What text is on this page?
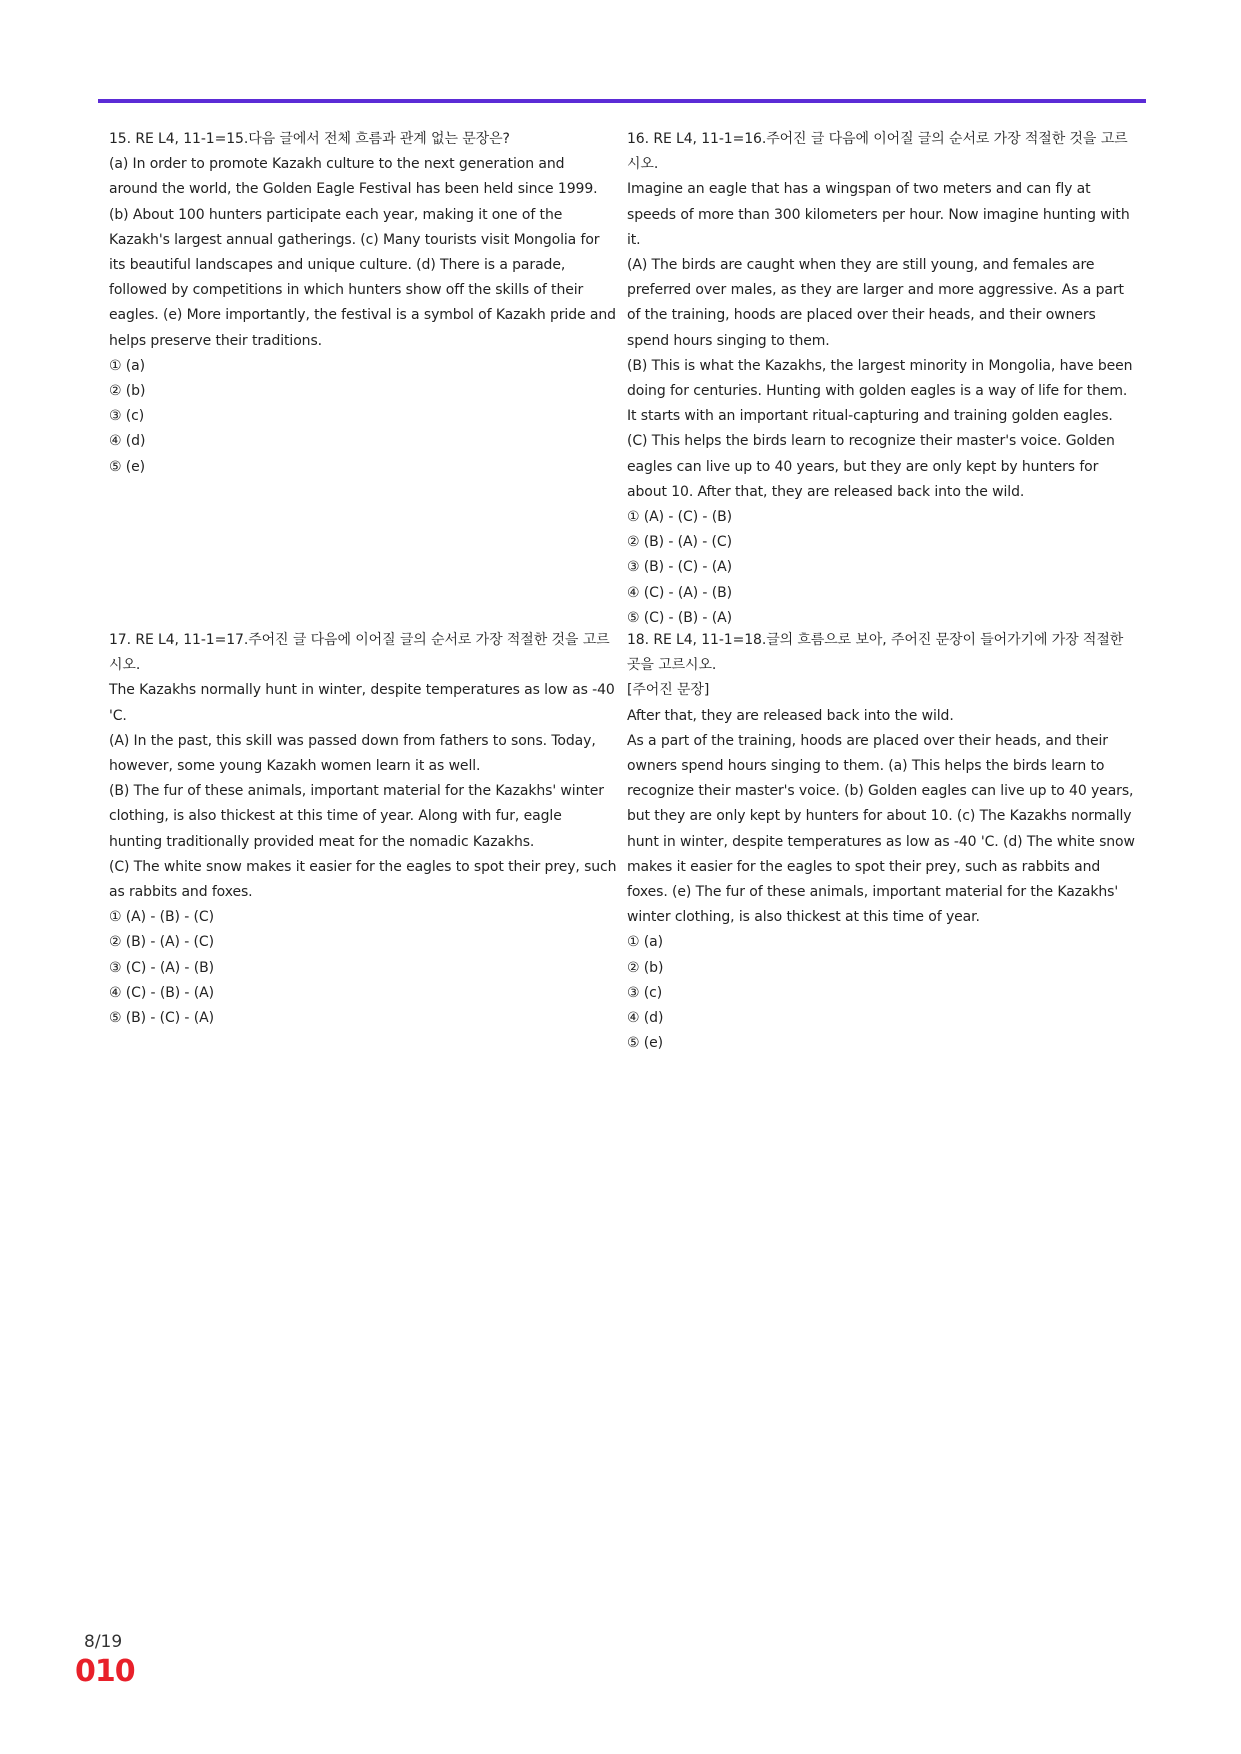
15. RE L4, 11-1=15.다음 글에서 전체 흐름과 관계 없는 문장은?

(a) In order to promote Kazakh culture to the next generation and around the world, the Golden Eagle Festival has been held since 1999. (b) About 100 hunters participate each year, making it one of the Kazakh's largest annual gatherings. (c) Many tourists visit Mongolia for its beautiful landscapes and unique culture. (d) There is a parade, followed by competitions in which hunters show off the skills of their eagles. (e) More importantly, the festival is a symbol of Kazakh pride and helps preserve their traditions.

① (a)
② (b)
③ (c)
④ (d)
⑤ (e)

16. RE L4, 11-1=16.주어진 글 다음에 이어질 글의 순서로 가장 적절한 것을 고르시오.

Imagine an eagle that has a wingspan of two meters and can fly at speeds of more than 300 kilometers per hour. Now imagine hunting with it.

(A) The birds are caught when they are still young, and females are preferred over males, as they are larger and more aggressive. As a part of the training, hoods are placed over their heads, and their owners spend hours singing to them.

(B) This is what the Kazakhs, the largest minority in Mongolia, have been doing for centuries. Hunting with golden eagles is a way of life for them. It starts with an important ritual-capturing and training golden eagles.

(C) This helps the birds learn to recognize their master's voice. Golden eagles can live up to 40 years, but they are only kept by hunters for about 10. After that, they are released back into the wild.

① (A) - (C) - (B)
② (B) - (A) - (C)
③ (B) - (C) - (A)
④ (C) - (A) - (B)
⑤ (C) - (B) - (A)

17. RE L4, 11-1=17.주어진 글 다음에 이어질 글의 순서로 가장 적절한 것을 고르시오.

The Kazakhs normally hunt in winter, despite temperatures as low as -40 'C.

(A) In the past, this skill was passed down from fathers to sons. Today, however, some young Kazakh women learn it as well.

(B) The fur of these animals, important material for the Kazakhs' winter clothing, is also thickest at this time of year. Along with fur, eagle hunting traditionally provided meat for the nomadic Kazakhs.

(C) The white snow makes it easier for the eagles to spot their prey, such as rabbits and foxes.

① (A) - (B) - (C)
② (B) - (A) - (C)
③ (C) - (A) - (B)
④ (C) - (B) - (A)
⑤ (B) - (C) - (A)

18. RE L4, 11-1=18.글의 흐름으로 보아, 주어진 문장이 들어가기에 가장 적절한 곳을 고르시오.

[주어진 문장]

After that, they are released back into the wild.

As a part of the training, hoods are placed over their heads, and their owners spend hours singing to them. (a) This helps the birds learn to recognize their master's voice. (b) Golden eagles can live up to 40 years, but they are only kept by hunters for about 10. (c) The Kazakhs normally hunt in winter, despite temperatures as low as -40 'C. (d) The white snow makes it easier for the eagles to spot their prey, such as rabbits and foxes. (e) The fur of these animals, important material for the Kazakhs' winter clothing, is also thickest at this time of year.

① (a)
② (b)
③ (c)
④ (d)
⑤ (e)
8/19
010
